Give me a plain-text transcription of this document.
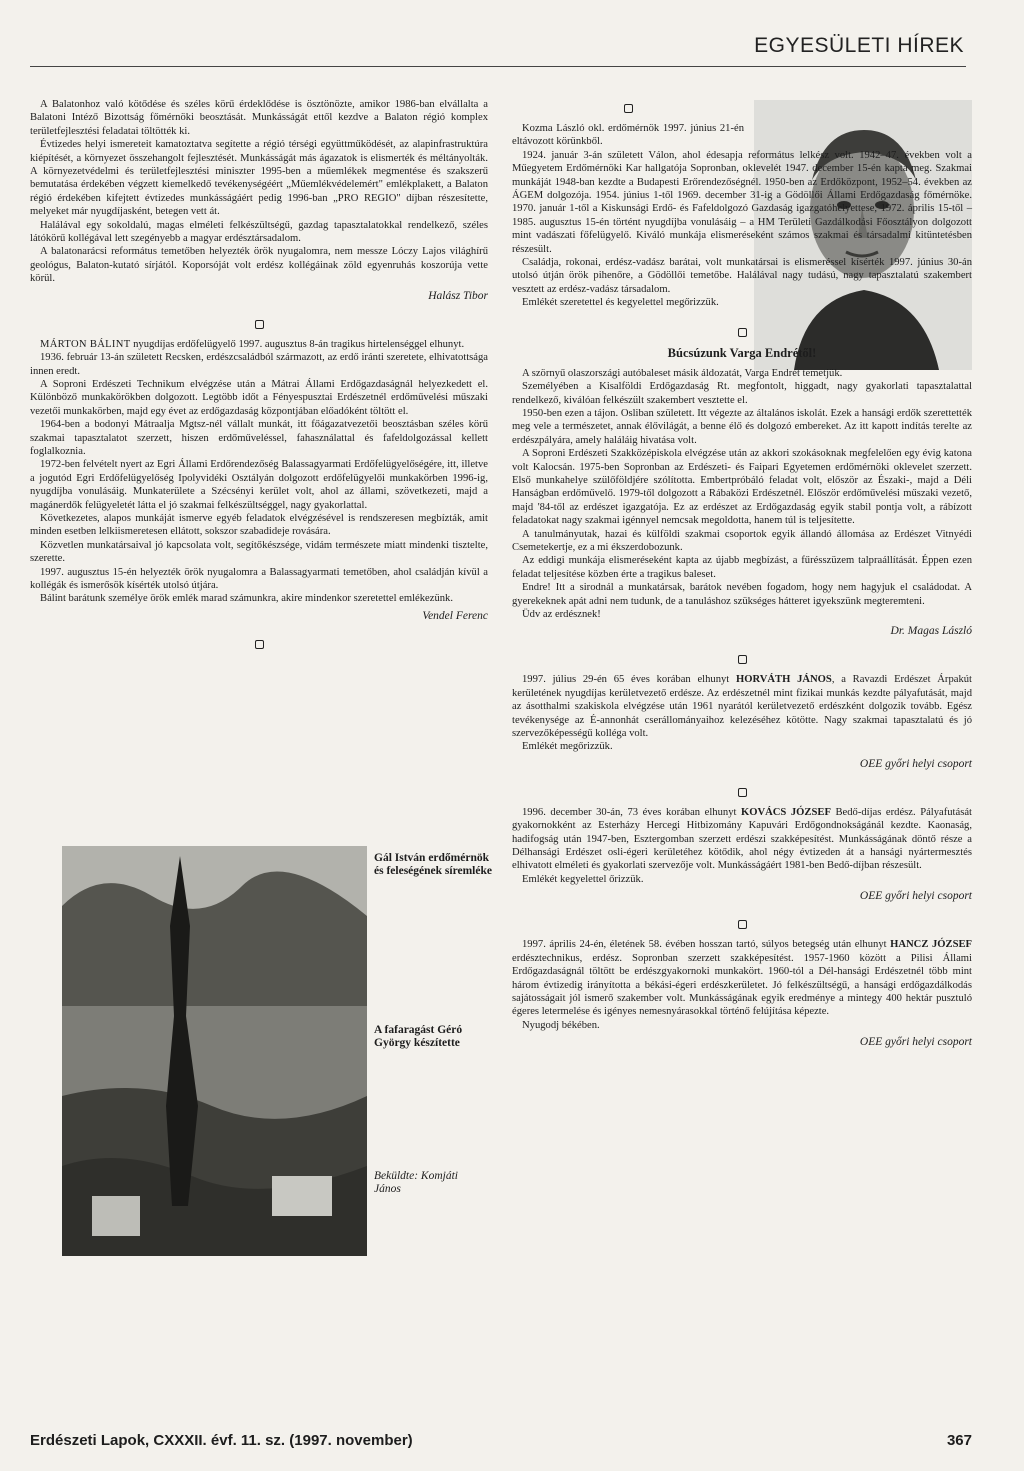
EGYESÜLETI HÍREK

A Balatonhoz való kötődése és széles körű érdeklődése is ösztönözte, amikor 1986-ban elvállalta a Balatoni Intéző Bizottság főmérnöki beosztását. Munkásságát ettől kezdve a Balaton régió komplex területfejlesztési feladatai töltötték ki.

Évtizedes helyi ismereteit kamatoztatva segítette a régió térségi együttműködését, az alapinfrastruktúra kiépítését, a környezet összehangolt fejlesztését. Munkásságát más ágazatok is elismerték és méltányolták. A környezetvédelmi és területfejlesztési miniszter 1995-ben a műemlékek megmentése és szakszerű bemutatása érdekében végzett kiemelkedő tevékenységéért „Műemlékvédelemért" emlékplakett, a Balaton régió érdekében kifejtett évtizedes munkásságáért pedig 1996-ban „PRO REGIO" díjban részesítette, melyeket már nyugdíjasként, betegen vett át.

Halálával egy sokoldalú, magas elméleti felkészültségű, gazdag tapasztalatokkal rendelkező, széles látókörű kollégával lett szegényebb a magyar erdésztársadalom.

A balatonarácsi református temetőben helyezték örök nyugalomra, nem messze Lóczy Lajos világhírű geológus, Balaton-kutató sírjától. Koporsóját volt erdész kollégáinak zöld egyenruhás koszorúja vette körül.

Halász Tibor

MÁRTON BÁLINT nyugdíjas erdőfelügyelő 1997. augusztus 8-án tragikus hirtelenséggel elhunyt.

1936. február 13-án született Recsken, erdészcsaládból származott, az erdő iránti szeretete, elhivatottsága innen eredt.

A Soproni Erdészeti Technikum elvégzése után a Mátrai Állami Erdőgazdaságnál helyezkedett el. Különböző munkakörökben dolgozott. Legtöbb időt a Fényespusztai Erdészetnél erdőművelési műszaki vezetői munkakörben, majd egy évet az erdőgazdaság központjában előadóként töltött el.

1964-ben a bodonyi Mátraalja Mgtsz-nél vállalt munkát, itt főágazatvezetői beosztásban széles körű szakmai tapasztalatot szerzett, hiszen erdőműveléssel, fahasználattal és fafeldolgozással kellett foglalkoznia.

1972-ben felvételt nyert az Egri Állami Erdőrendezőség Balassagyarmati Erdőfelügyelőségére, itt, illetve a jogutód Egri Erdőfelügyelőség Ipolyvidéki Osztályán dolgozott erdőfelügyelői munkakörben 1996-ig, nyugdíjba vonulásáig. Munkaterülete a Szécsényi kerület volt, ahol az állami, szövetkezeti, majd a magánerdők felügyeletét látta el jó szakmai felkészültséggel, nagy gyakorlattal.

Következetes, alapos munkáját ismerve egyéb feladatok elvégzésével is rendszeresen megbízták, amit minden esetben lelkiismeretesen ellátott, sokszor szabadideje rovására.

Közvetlen munkatársaival jó kapcsolata volt, segítőkészsége, vidám természete miatt mindenki tisztelte, szerette.

1997. augusztus 15-én helyezték örök nyugalomra a Balassagyarmati temetőben, ahol családján kívül a kollégák és ismerősök kísérték utolsó útjára.

Bálint barátunk személye örök emlék marad számunkra, akire mindenkor szeretettel emlékezünk.

Vendel Ferenc

Gál István erdőmérnök és feleségének síremléke
A fafaragást Géró György készítette
Beküldte: Komjáti János

Kozma László okl. erdőmérnök 1997. június 21-én eltávozott körünkből.

1924. január 3-án született Válon, ahol édesapja református lelkész volt. 1942–47. években volt a Műegyetem Erdőmérnöki Kar hallgatója Sopronban, oklevelét 1947. december 15-én kapta meg. Szakmai munkáját 1948-ban kezdte a Budapesti Erőrendezőségnél. 1950-ben az Erdőközpont, 1952–54. években az ÁGEM dolgozója. 1954. június 1-től 1969. december 31-ig a Gödöllői Állami Erdőgazdaság főmérnöke. 1970. január 1-től a Kiskunsági Erdő- és Fafeldolgozó Gazdaság igazgatóhelyettese, 1972. április 15-től – 1985. augusztus 15-én történt nyugdíjba vonulásáig – a HM Területi Gazdálkodási Főosztályon dolgozott mint vadászati főfelügyelő. Kiváló munkája elismeréseként számos szakmai és társadalmi kitüntetésben részesült.

Családja, rokonai, erdész-vadász barátai, volt munkatársai is elismeréssel kísérték 1997. június 30-án utolsó útján örök pihenőre, a Gödöllői temetőbe. Halálával nagy tudású, nagy tapasztalatú szakembert vesztett az erdész-vadász társadalom.

Emlékét szeretettel és kegyelettel megőrizzük.

Búcsúzunk Varga Endrétől!

A szörnyű olaszországi autóbaleset másik áldozatát, Varga Endrét temetjük.

Személyében a Kisalföldi Erdőgazdaság Rt. megfontolt, higgadt, nagy gyakorlati tapasztalattal rendelkező, kiválóan felkészült szakembert vesztette el.

1950-ben ezen a tájon. Osliban született. Itt végezte az általános iskolát. Ezek a hansági erdők szerettették meg vele a természetet, annak élővilágát, a benne élő és dolgozó embereket. Az itt kapott indítás terelte az erdészpályára, amely haláláig hivatása volt.

A Soproni Erdészeti Szakközépiskola elvégzése után az akkori szokásoknak megfelelően egy évig katona volt Kalocsán. 1975-ben Sopronban az Erdészeti- és Faipari Egyetemen erdőmérnöki oklevelet szerzett. Első munkahelye szülőföldjére szólította. Embertpróbáló feladat volt, először az Északi-, majd a Déli Hanságban erdőművelő. 1979-től dolgozott a Rábaközi Erdészetnél. Először erdőművelési műszaki vezető, majd '84-től az erdészet igazgatója. Ez az erdészet az Erdőgazdaság egyik stabil pontja volt, a rábízott feladatokat nagy szakmai igénnyel nemcsak megoldotta, hanem túl is teljesítette.

A tanulmányutak, hazai és külföldi szakmai csoportok egyik állandó állomása az Erdészet Vitnyédi Csemetekertje, ez a mi ékszerdobozunk.

Az eddigi munkája elismeréseként kapta az újabb megbízást, a fűrésszüzem talpraállítását. Éppen ezen feladat teljesítése közben érte a tragikus baleset.

Endre! Itt a sirodnál a munkatársak, barátok nevében fogadom, hogy nem hagyjuk el családodat. A gyerekeknek apát adni nem tudunk, de a tanuláshoz szükséges hátteret igyekszünk megteremteni.

Üdv az erdésznek!

Dr. Magas László

1997. július 29-én 65 éves korában elhunyt HORVÁTH JÁNOS, a Ravazdi Erdészet Árpakút kerületének nyugdíjas kerületvezető erdésze. Az erdészetnél mint fizikai munkás kezdte pályafutását, majd az ásotthalmi szakiskola elvégzése után 1961 nyarától kerületvezető erdészként dolgozik tovább. Egész tevékenysége az É-annonhát cserállományaihoz kelezéséhez kötötte. Nagy szakmai tapasztalatú és jó szervezőképességű kolléga volt.

Emlékét megőrizzük.

OEE győri helyi csoport

1996. december 30-án, 73 éves korában elhunyt KOVÁCS JÓZSEF Bedő-díjas erdész. Pályafutását gyakornokként az Esterházy Hercegi Hitbizomány Kapuvári Erdőgondnokságánál kezdte. Kaonaság, hadifogság után 1947-ben, Esztergomban szerzett erdészi szakképesítést. Munkásságának döntő része a Délhansági Erdészet osli-égeri kerületéhez kötődik, ahol négy évtizeden át a hansági nyártermesztés elhivatott elméleti és gyakorlati szervezője volt. Munkásságáért 1981-ben Bedő-díjban részesült.

Emlékét kegyelettel őrizzük.

OEE győri helyi csoport

1997. április 24-én, életének 58. évében hosszan tartó, súlyos betegség után elhunyt HANCZ JÓZSEF erdésztechnikus, erdész. Sopronban szerzett szakképesítést. 1957-1960 között a Pilisi Állami Erdőgazdaságnál töltött be erdészgyakornoki munkakört. 1960-tól a Dél-hansági Erdészetnél több mint három évtizedig irányította a békási-égeri erdészkerületet. Jó felkészültségű, a hansági erdőgazdálkodás sajátosságait jól ismerő szakember volt. Munkásságának egyik eredménye a mintegy 400 hektár pusztuló égeres letermelése és igényes nemesnyárasokkal történő felújítása képezte.

Nyugodj békében.

OEE győri helyi csoport

Erdészeti Lapok, CXXXII. évf. 11. sz. (1997. november)	367
